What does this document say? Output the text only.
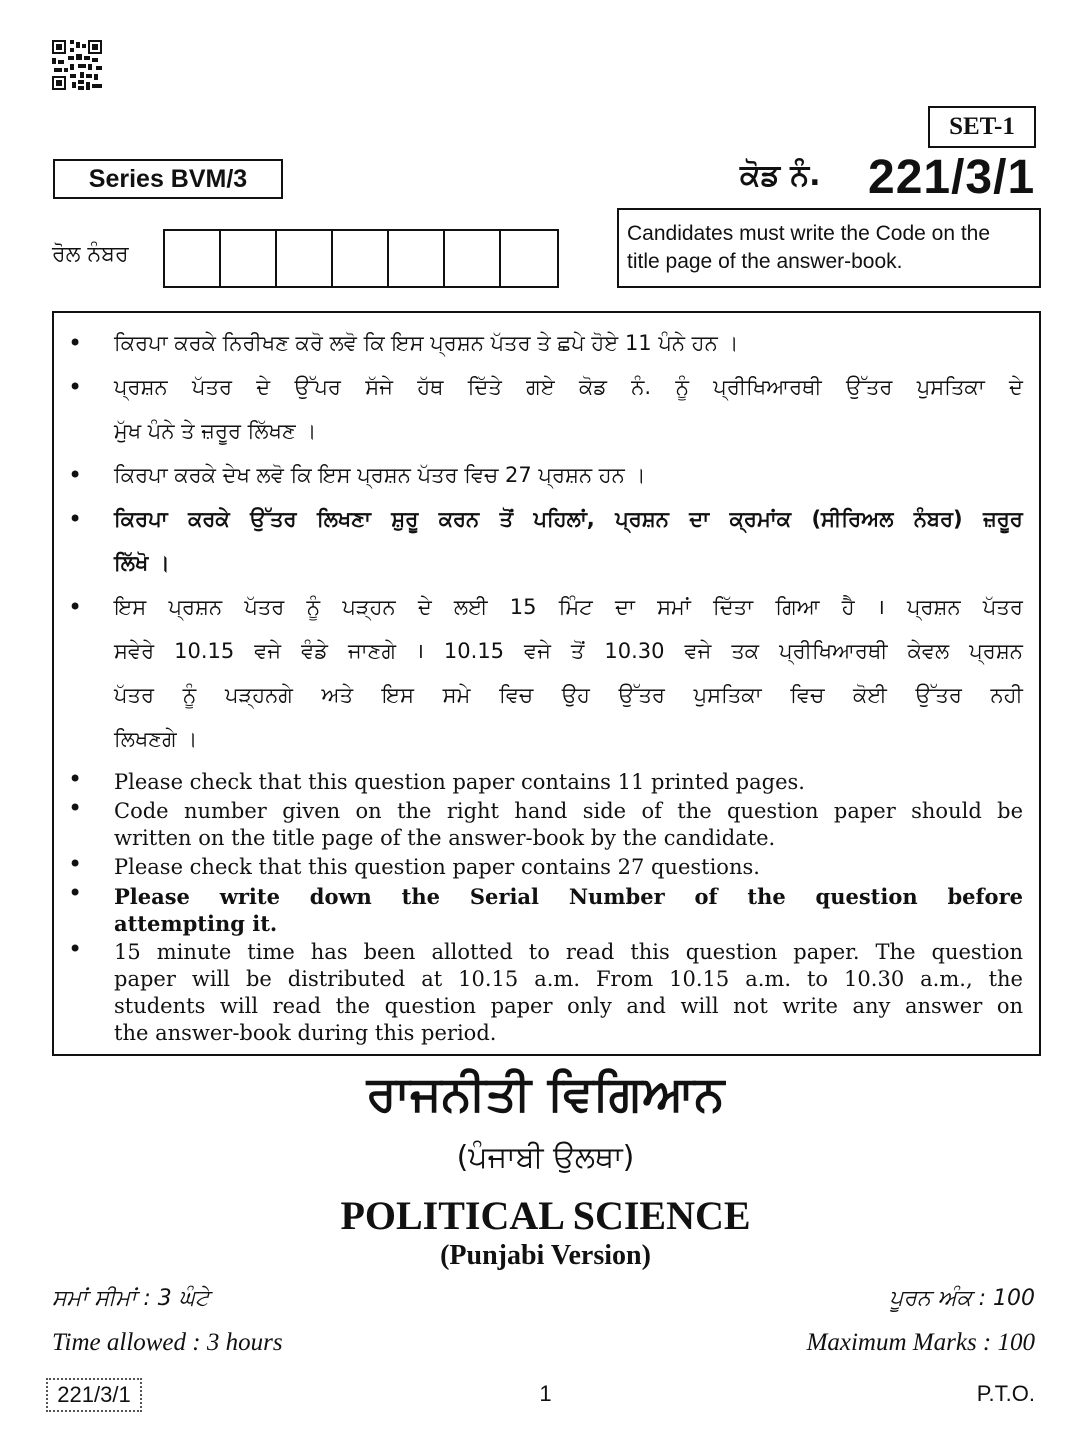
SET-1
Series BVM/3	ਕੋਡ ਨੰ. 221/3/1
ਰੋਲ ਨੰਬਰ
Candidates must write the Code on the
title page of the answer-book.
• ਕਿਰਪਾ ਕਰਕੇ ਨਿਰੀਖਣ ਕਰੋ ਲਵੋ ਕਿ ਇਸ ਪ੍ਰਸ਼ਨ ਪੱਤਰ ਤੇ ਛਪੇ ਹੋਏ 11 ਪੰਨੇ ਹਨ ।
• ਪ੍ਰਸ਼ਨ ਪੱਤਰ ਦੇ ਉੱਪਰ ਸੱਜੇ ਹੱਥ ਦਿੱਤੇ ਗਏ ਕੋਡ ਨੰ. ਨੂੰ ਪ੍ਰੀਖਿਆਰਥੀ ਉੱਤਰ ਪੁਸਤਿਕਾ ਦੇ
ਮੁੱਖ ਪੰਨੇ ਤੇ ਜ਼ਰੂਰ ਲਿੱਖਣ ।
• ਕਿਰਪਾ ਕਰਕੇ ਦੇਖ ਲਵੋ ਕਿ ਇਸ ਪ੍ਰਸ਼ਨ ਪੱਤਰ ਵਿਚ 27 ਪ੍ਰਸ਼ਨ ਹਨ ।
• ਕਿਰਪਾ ਕਰਕੇ ਉੱਤਰ ਲਿਖਣਾ ਸ਼ੁਰੂ ਕਰਨ ਤੋਂ ਪਹਿਲਾਂ, ਪ੍ਰਸ਼ਨ ਦਾ ਕ੍ਰਮਾਂਕ (ਸੀਰਿਅਲ ਨੰਬਰ) ਜ਼ਰੂਰ
ਲਿੱਖੋ ।
• ਇਸ ਪ੍ਰਸ਼ਨ ਪੱਤਰ ਨੂੰ ਪੜ੍ਹਨ ਦੇ ਲਈ 15 ਮਿੰਟ ਦਾ ਸਮਾਂ ਦਿੱਤਾ ਗਿਆ ਹੈ । ਪ੍ਰਸ਼ਨ ਪੱਤਰ
ਸਵੇਰੇ 10.15 ਵਜੇ ਵੰਡੇ ਜਾਣਗੇ । 10.15 ਵਜੇ ਤੋਂ 10.30 ਵਜੇ ਤਕ ਪ੍ਰੀਖਿਆਰਥੀ ਕੇਵਲ ਪ੍ਰਸ਼ਨ
ਪੱਤਰ ਨੂੰ ਪੜ੍ਹਨਗੇ ਅਤੇ ਇਸ ਸਮੇ ਵਿਚ ਉਹ ਉੱਤਰ ਪੁਸਤਿਕਾ ਵਿਚ ਕੋਈ ਉੱਤਰ ਨਹੀ
ਲਿਖਣਗੇ ।
• Please check that this question paper contains 11 printed pages.
• Code number given on the right hand side of the question paper should be
written on the title page of the answer-book by the candidate.
• Please check that this question paper contains 27 questions.
• Please write down the Serial Number of the question before
attempting it.
• 15 minute time has been allotted to read this question paper. The question
paper will be distributed at 10.15 a.m. From 10.15 a.m. to 10.30 a.m., the
students will read the question paper only and will not write any answer on
the answer-book during this period.
ਰਾਜਨੀਤੀ ਵਿਗਿਆਨ
(ਪੰਜਾਬੀ ਉਲਥਾ)
POLITICAL SCIENCE
(Punjabi Version)
ਸਮਾਂ ਸੀਮਾਂ : 3 ਘੰਟੇ	ਪੂਰਨ ਅੰਕ : 100
Time allowed : 3 hours	Maximum Marks : 100
221/3/1	1	P.T.O.
